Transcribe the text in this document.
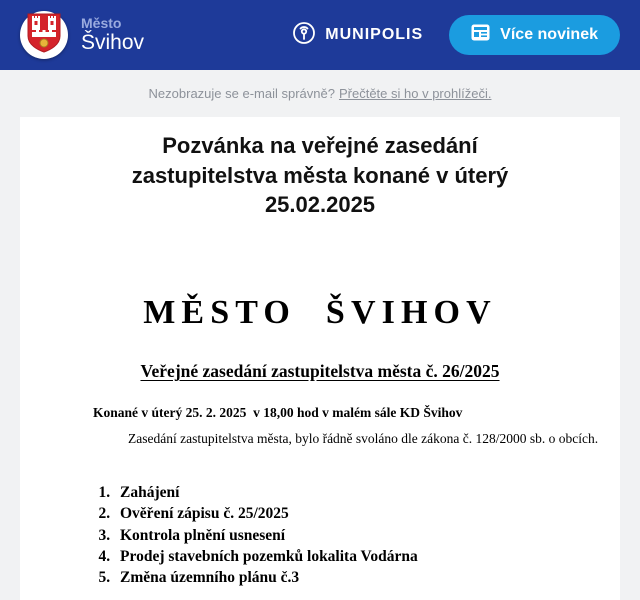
Město
Švihov	MUNIPOLIS	Více novinek
Nezobrazuje se e-mail správně? Přečtěte si ho v prohlížeči.
Pozvánka na veřejné zasedání zastupitelstva města konané v úterý 25.02.2025
MĚSTO ŠVIHOV
Veřejné zasedání zastupitelstva města č. 26/2025
Konané v úterý 25. 2. 2025  v 18,00 hod v malém sále KD Švihov
Zasedání zastupitelstva města, bylo řádně svoláno dle zákona č. 128/2000 sb. o obcích.
1. Zahájení
2. Ověření zápisu č. 25/2025
3. Kontrola plnění usnesení
4. Prodej stavebních pozemků lokalita Vodárna
5. Změna územního plánu č.3
